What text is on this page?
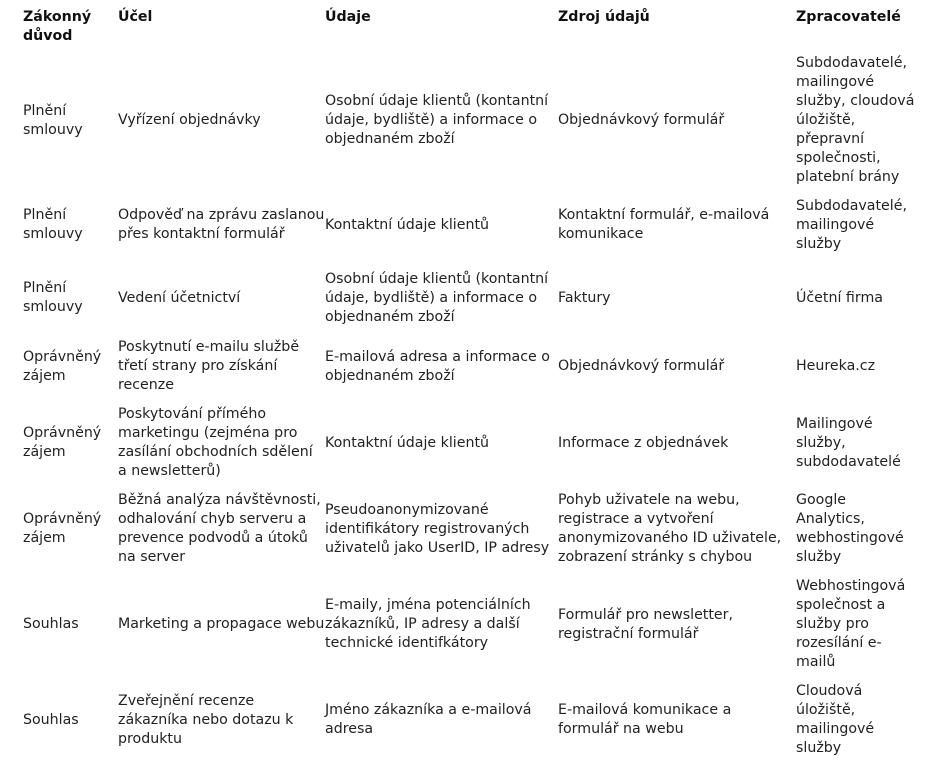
Zákonný důvod	Účel	Údaje	Zdroj údajů	Zpracovatelé
Plnění smlouvy	Vyřízení objednávky	Osobní údaje klientů (kontantní údaje, bydliště) a informace o objednaném zboží	Objednávkový formulář	Subdodavatelé, mailingové služby, cloudová úložiště, přepravní společnosti, platební brány
Plnění smlouvy	Odpověď na zprávu zaslanou přes kontaktní formulář	Kontaktní údaje klientů	Kontaktní formulář, e-mailová komunikace	Subdodavatelé, mailingové služby
Plnění smlouvy	Vedení účetnictví	Osobní údaje klientů (kontantní údaje, bydliště) a informace o objednaném zboží	Faktury	Účetní firma
Oprávněný zájem	Poskytnutí e-mailu službě třetí strany pro získání recenze	E-mailová adresa a informace o objednaném zboží	Objednávkový formulář	Heureka.cz
Oprávněný zájem	Poskytování přímého marketingu (zejména pro zasílání obchodních sdělení a newsletterů)	Kontaktní údaje klientů	Informace z objednávek	Mailingové služby, subdodavatelé
Oprávněný zájem	Běžná analýza návštěvnosti, odhalování chyb serveru a prevence podvodů a útoků na server	Pseudoanonymizované identifikátory registrovaných uživatelů jako UserID, IP adresy	Pohyb uživatele na webu, registrace a vytvoření anonymizovaného ID uživatele, zobrazení stránky s chybou	Google Analytics, webhostingové služby
Souhlas	Marketing a propagace webu	E-maily, jména potenciálních zákazníků, IP adresy a další technické identifkátory	Formulář pro newsletter, registrační formulář	Webhostingová společnost a služby pro rozesílání e-mailů
Souhlas	Zveřejnění recenze zákazníka nebo dotazu k produktu	Jméno zákazníka a e-mailová adresa	E-mailová komunikace a formulář na webu	Cloudová úložiště, mailingové služby
